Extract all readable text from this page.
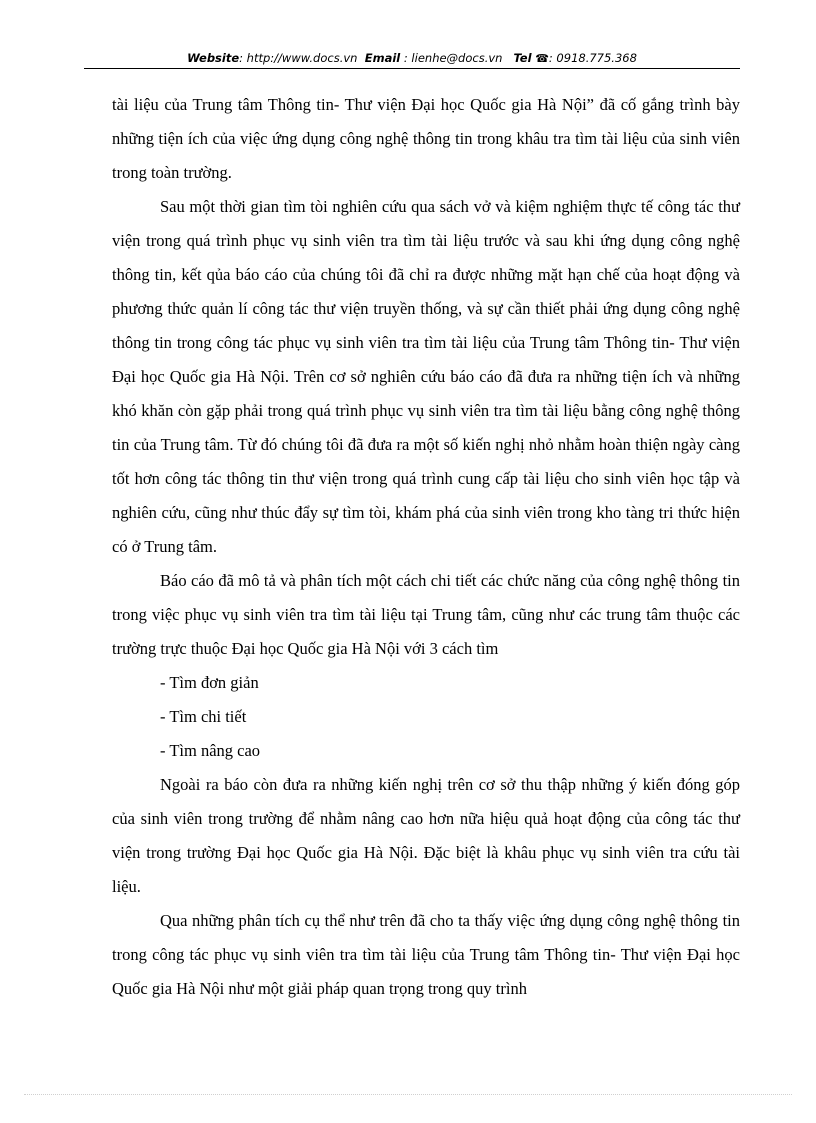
Website: http://www.docs.vn Email : lienhe@docs.vn Tel ☎: 0918.775.368

tài liệu của Trung tâm Thông tin- Thư viện Đại học Quốc gia Hà Nội” đã cố gắng trình bày những tiện ích của việc ứng dụng công nghệ thông tin trong khâu tra tìm tài liệu của sinh viên trong toàn trường.

Sau một thời gian tìm tòi nghiên cứu qua sách vở và kiệm nghiệm thực tế công tác thư viện trong quá trình phục vụ sinh viên tra tìm tài liệu trước và sau khi ứng dụng công nghệ thông tin, kết qủa báo cáo của chúng tôi đã chỉ ra được những mặt hạn chế của hoạt động và phương thức quản lí công tác thư viện truyền thống, và sự cần thiết phải ứng dụng công nghệ thông tin trong công tác phục vụ sinh viên tra tìm tài liệu của Trung tâm Thông tin- Thư viện Đại học Quốc gia Hà Nội. Trên cơ sở nghiên cứu báo cáo đã đưa ra những tiện ích và những khó khăn còn gặp phải trong quá trình phục vụ sinh viên tra tìm tài liệu bằng công nghệ thông tin của Trung tâm. Từ đó chúng tôi đã đưa ra một số kiến nghị nhỏ nhằm hoàn thiện ngày càng tốt hơn công tác thông tin thư viện trong quá trình cung cấp tài liệu cho sinh viên học tập và nghiên cứu, cũng như thúc đẩy sự tìm tòi, khám phá của sinh viên trong kho tàng tri thức hiện có ở Trung tâm.

Báo cáo đã mô tả và phân tích một cách chi tiết các chức năng của công nghệ thông tin trong việc phục vụ sinh viên tra tìm tài liệu tại Trung tâm, cũng như các trung tâm thuộc các trường trực thuộc Đại học Quốc gia Hà Nội với 3 cách tìm

- Tìm đơn giản
- Tìm chi tiết
- Tìm nâng cao

Ngoài ra báo còn đưa ra những kiến nghị trên cơ sở thu thập những ý kiến đóng góp của sinh viên trong trường để nhằm nâng cao hơn nữa hiệu quả hoạt động của công tác thư viện trong trường Đại học Quốc gia Hà Nội. Đặc biệt là khâu phục vụ sinh viên tra cứu tài liệu.

Qua những phân tích cụ thể như trên đã cho ta thấy việc ứng dụng công nghệ thông tin trong công tác phục vụ sinh viên tra tìm tài liệu của Trung tâm Thông tin- Thư viện Đại học Quốc gia Hà Nội như một giải pháp quan trọng trong quy trình
